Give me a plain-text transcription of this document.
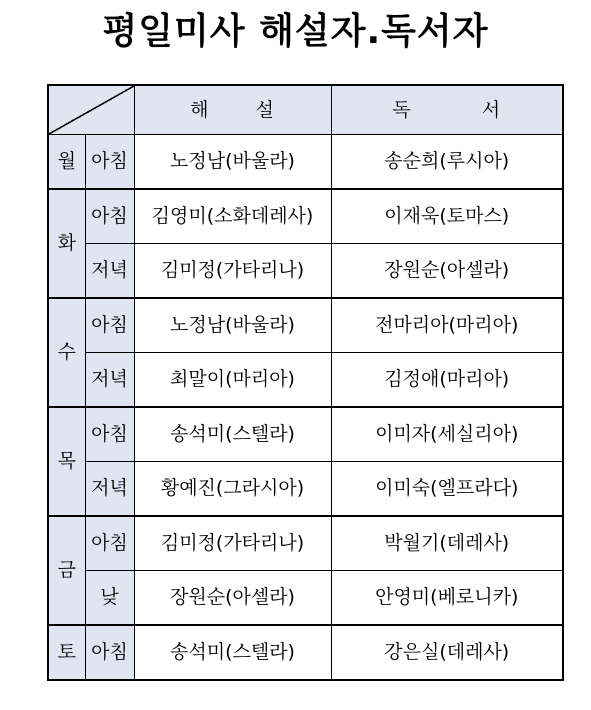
평일미사 해설자.독서자
		해 설	독 서
월	아침	노정남(바울라)	송순희(루시아)
화	아침	김영미(소화데레사)	이재욱(토마스)
	저녁	김미정(가타리나)	장원순(아셀라)
수	아침	노정남(바울라)	전마리아(마리아)
	저녁	최말이(마리아)	김정애(마리아)
목	아침	송석미(스텔라)	이미자(세실리아)
	저녁	황예진(그라시아)	이미숙(엘프라다)
금	아침	김미정(가타리나)	박월기(데레사)
	낮	장원순(아셀라)	안영미(베로니카)
토	아침	송석미(스텔라)	강은실(데레사)
